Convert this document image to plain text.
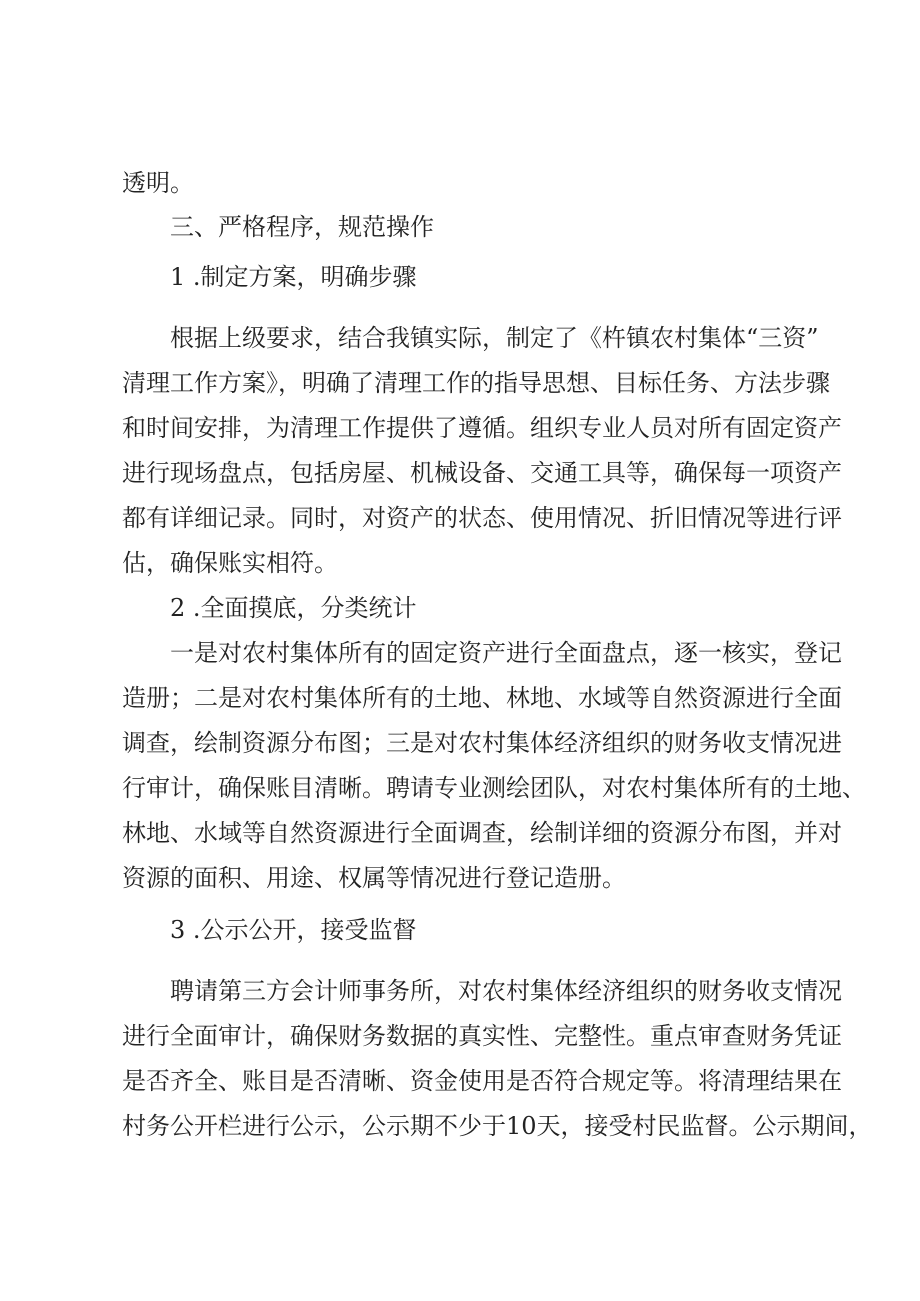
透明。
三、严格程序，规范操作
1 .制定方案，明确步骤
根据上级要求，结合我镇实际，制定了《杵镇农村集体“三资”
清理工作方案》，明确了清理工作的指导思想、目标任务、方法步骤
和时间安排，为清理工作提供了遵循。组织专业人员对所有固定资产
进行现场盘点，包括房屋、机械设备、交通工具等，确保每一项资产
都有详细记录。同时，对资产的状态、使用情况、折旧情况等进行评
估，确保账实相符。
2 .全面摸底，分类统计
一是对农村集体所有的固定资产进行全面盘点，逐一核实，登记
造册；二是对农村集体所有的土地、林地、水域等自然资源进行全面
调查，绘制资源分布图；三是对农村集体经济组织的财务收支情况进
行审计，确保账目清晰。聘请专业测绘团队，对农村集体所有的土地、
林地、水域等自然资源进行全面调查，绘制详细的资源分布图，并对
资源的面积、用途、权属等情况进行登记造册。
3 .公示公开，接受监督
聘请第三方会计师事务所，对农村集体经济组织的财务收支情况
进行全面审计，确保财务数据的真实性、完整性。重点审查财务凭证
是否齐全、账目是否清晰、资金使用是否符合规定等。将清理结果在
村务公开栏进行公示，公示期不少于10天，接受村民监督。公示期间，
